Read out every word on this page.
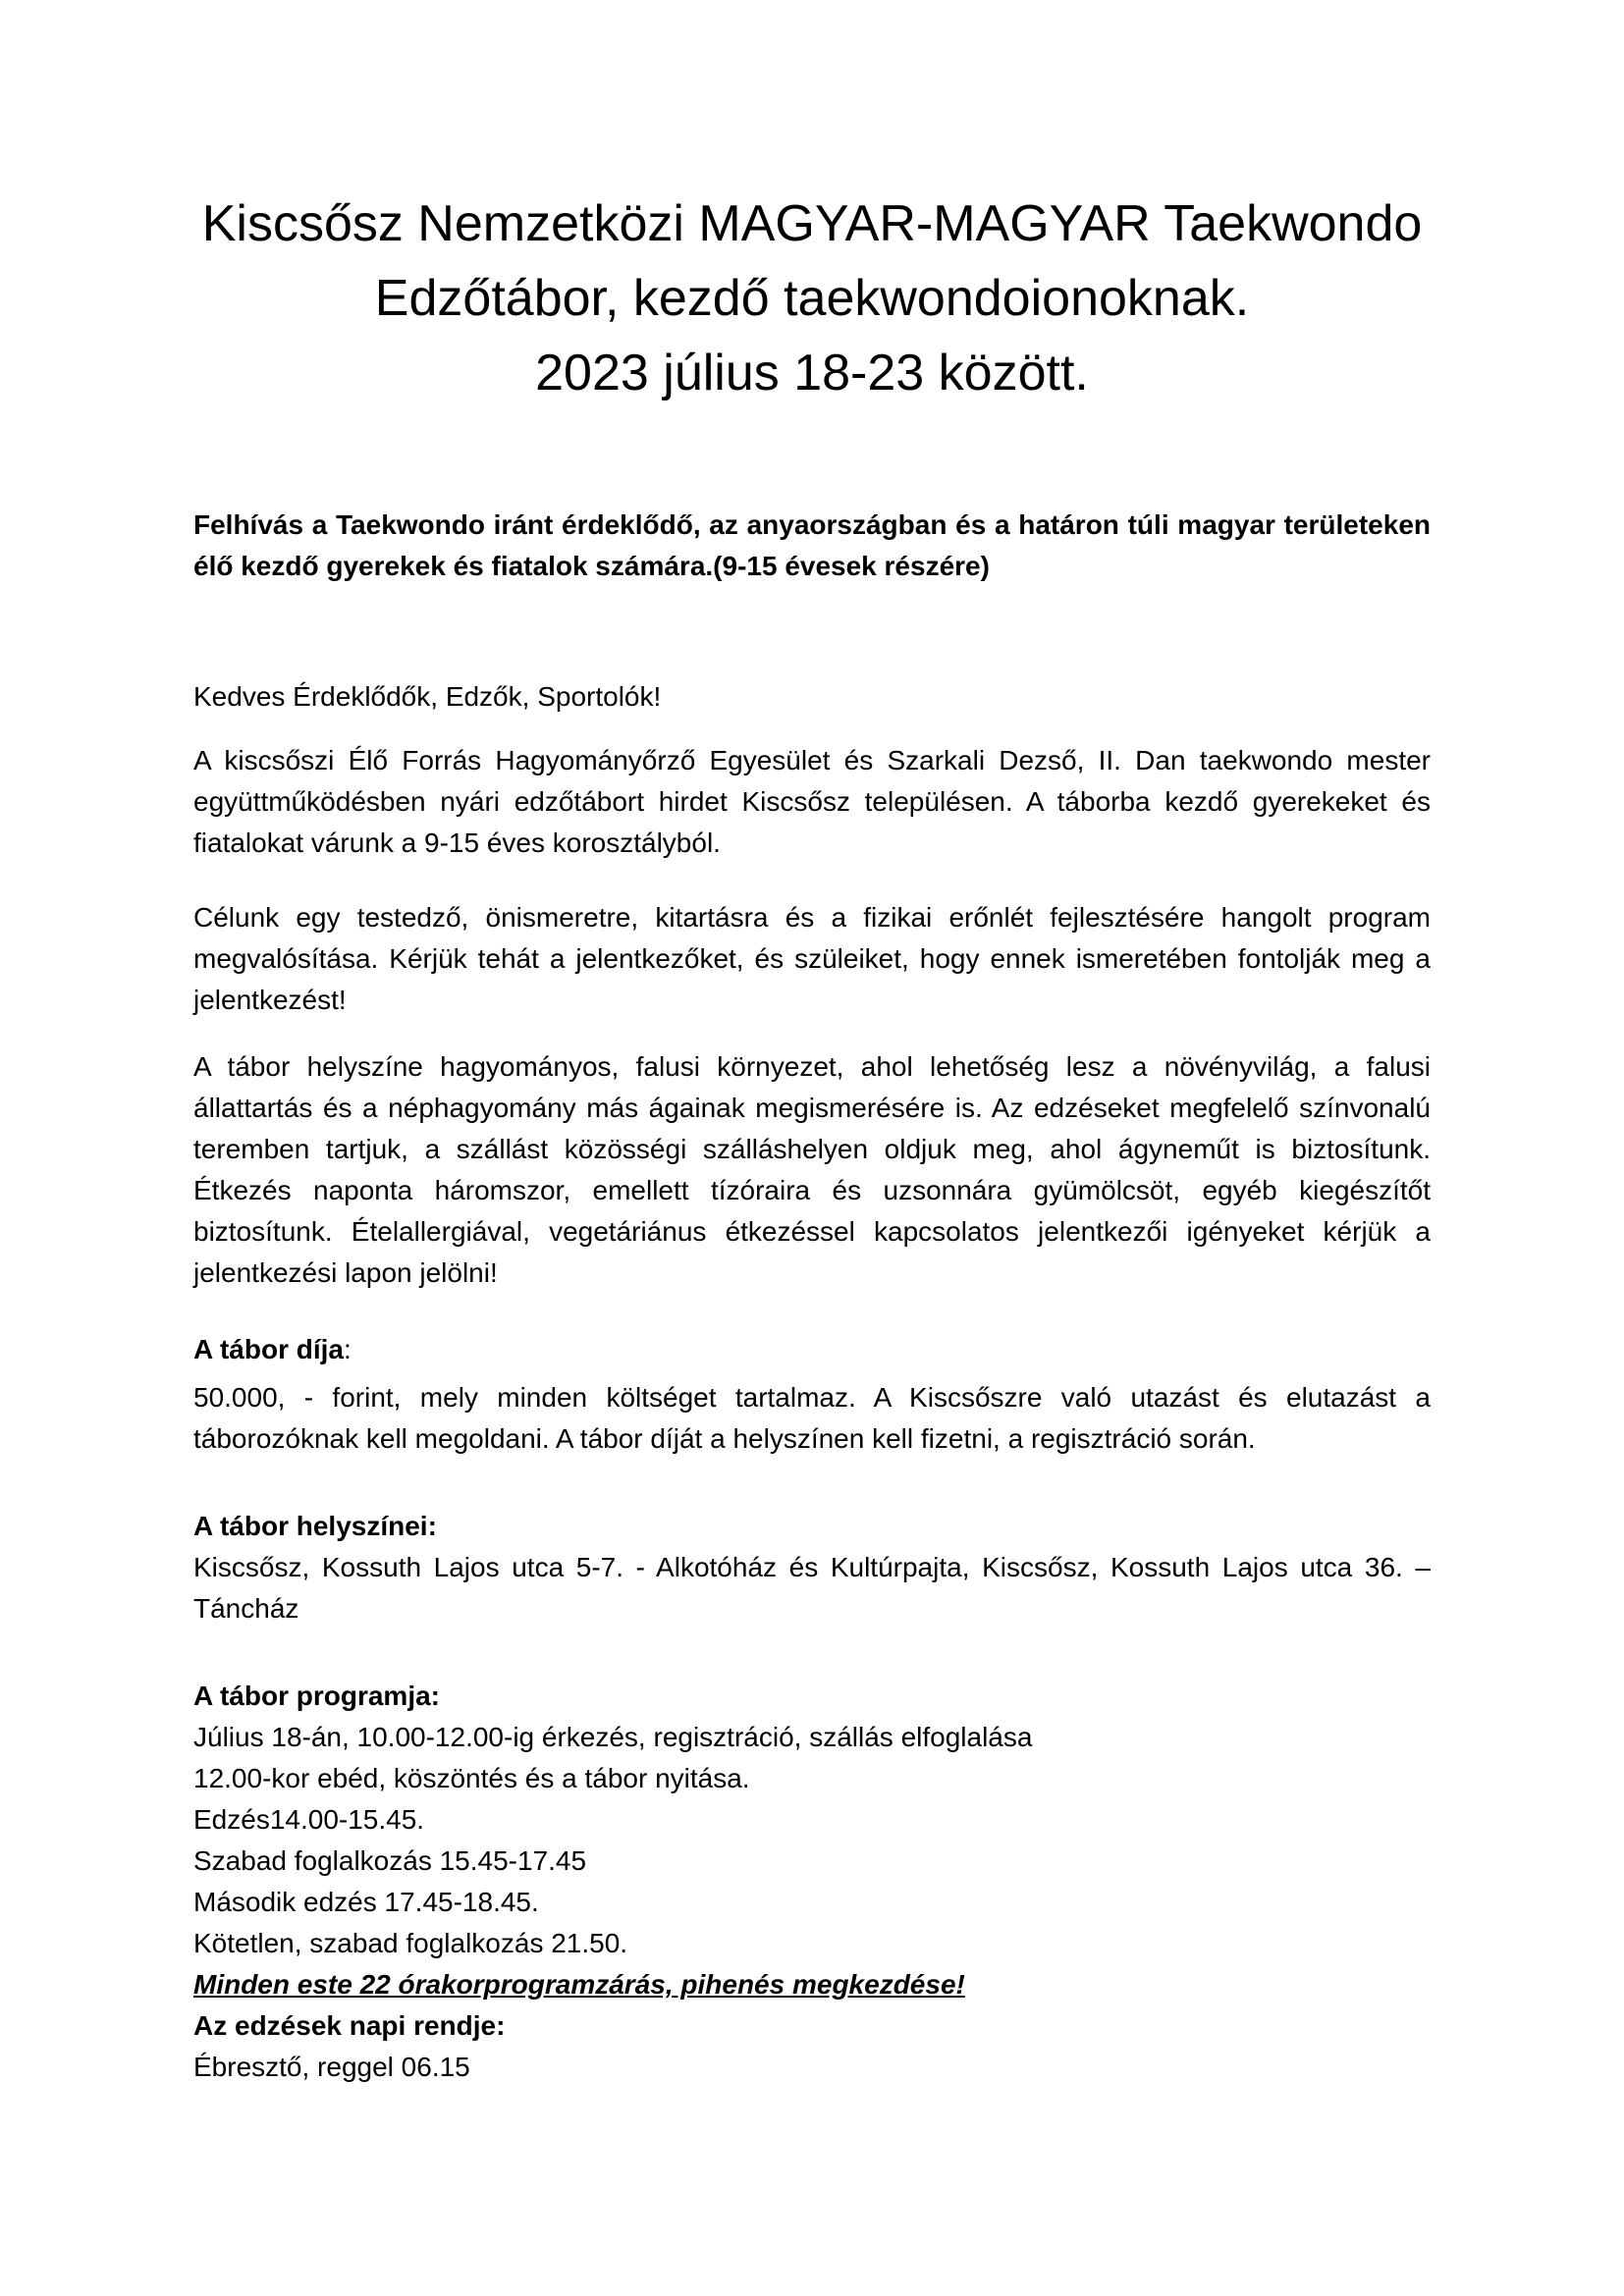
Kiscsősz Nemzetközi MAGYAR-MAGYAR Taekwondo
Edzőtábor, kezdő taekwondoionoknak.
2023 július 18-23 között.

Felhívás a Taekwondo iránt érdeklődő, az anyaországban és a határon túli magyar területeken élő kezdő gyerekek és fiatalok számára.(9-15 évesek részére)

Kedves Érdeklődők, Edzők, Sportolók!

A kiscsőszi Élő Forrás Hagyományőrző Egyesület és Szarkali Dezső, II. Dan taekwondo mester együttműködésben nyári edzőtábort hirdet Kiscsősz településen. A táborba kezdő gyerekeket és fiatalokat várunk a 9-15 éves korosztályból.

Célunk egy testedző, önismeretre, kitartásra és a fizikai erőnlét fejlesztésére hangolt program megvalósítása. Kérjük tehát a jelentkezőket, és szüleiket, hogy ennek ismeretében fontolják meg a jelentkezést!

A tábor helyszíne hagyományos, falusi környezet, ahol lehetőség lesz a növényvilág, a falusi állattartás és a néphagyomány más ágainak megismerésére is. Az edzéseket megfelelő színvonalú teremben tartjuk, a szállást közösségi szálláshelyen oldjuk meg, ahol ágyneműt is biztosítunk. Étkezés naponta háromszor, emellett tízóraira és uzsonnára gyümölcsöt, egyéb kiegészítőt biztosítunk. Ételallergiával, vegetáriánus étkezéssel kapcsolatos jelentkezői igényeket kérjük a jelentkezési lapon jelölni!

A tábor díja:

50.000, - forint, mely minden költséget tartalmaz. A Kiscsőszre való utazást és elutazást a táborozóknak kell megoldani. A tábor díját a helyszínen kell fizetni, a regisztráció során.

A tábor helyszínei:

Kiscsősz, Kossuth Lajos utca 5-7. - Alkotóház és Kultúrpajta, Kiscsősz, Kossuth Lajos utca 36. – Táncház

A tábor programja:

Július 18-án, 10.00-12.00-ig érkezés, regisztráció, szállás elfoglalása

12.00-kor ebéd, köszöntés és a tábor nyitása.

Edzés14.00-15.45.

Szabad foglalkozás 15.45-17.45

Második edzés 17.45-18.45.

Kötetlen, szabad foglalkozás 21.50.

Minden este 22 órakorprogramzárás, pihenés megkezdése!

Az edzések napi rendje:

Ébresztő, reggel 06.15
